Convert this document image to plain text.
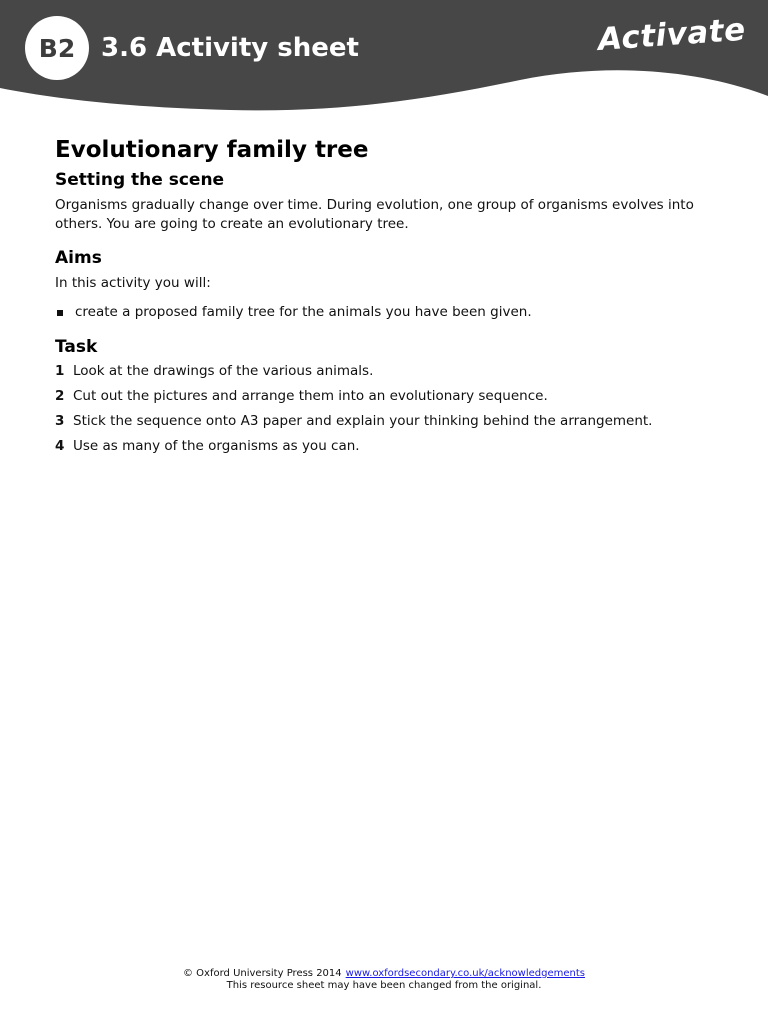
B2 3.6 Activity sheet	Activate
Evolutionary family tree
Setting the scene

Organisms gradually change over time. During evolution, one group of organisms evolves into others. You are going to create an evolutionary tree.

Aims

In this activity you will:

create a proposed family tree for the animals you have been given.
Task
1 Look at the drawings of the various animals.
2 Cut out the pictures and arrange them into an evolutionary sequence.
3 Stick the sequence onto A3 paper and explain your thinking behind the arrangement.
4 Use as many of the organisms as you can.
© Oxford University Press 2014 www.oxfordsecondary.co.uk/acknowledgements
This resource sheet may have been changed from the original.
